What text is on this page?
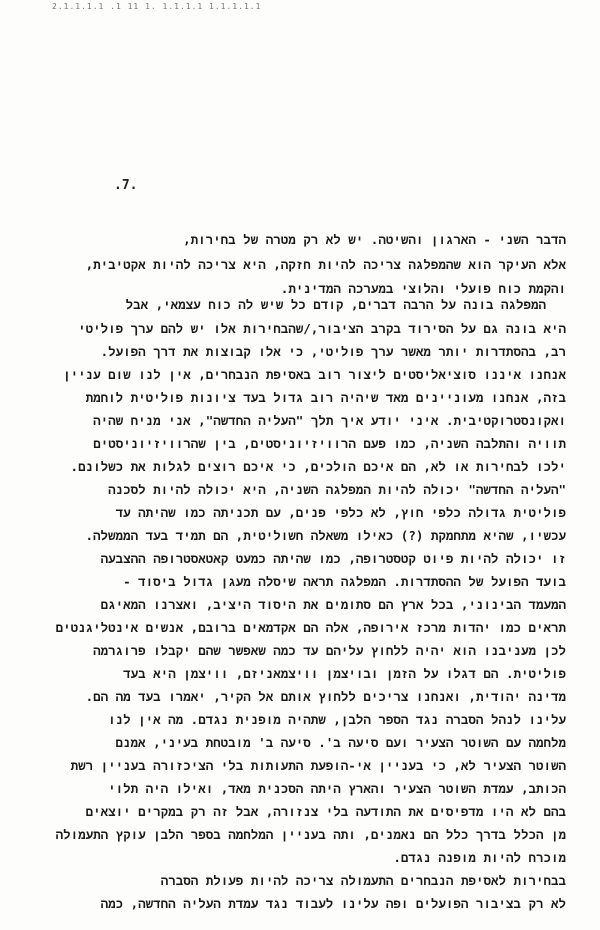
2.1.1.1.1 .1 11 1. 1.1.1.1 1.1.1.1.1
.7.
הדבר השני - הארגון והשיטה. יש לא רק מטרה של בחירות,
אלא העיקר הוא שהמפלגה צריכה להיות חזקה, היא צריכה להיות אקטיבית,
והקמת כוח פועלי והלוצי במערכה המדינית.
המפלגה בונה על הרבה דברים, קודם כל שיש לה כוח עצמאי, אבל
היא בונה גם על הסירוד בקרב הציבור,/שהבחירות אלו יש להם ערך פוליטי
רב, בהסתדרות יותר מאשר ערך פוליטי, כי אלו קבוצות את דרך הפועל.
אנחנו איננו סוציאליסטים ליצור רוב באסיפת הנבחרים, אין לנו שום עניין
בזה, אנחנו מעוניינים מאד שיהיה רוב גדול בעד ציונות פוליטית לוחמת
ואקונסטרוקטיבית. איני יודע איך תלך "העליה החדשה", אני מניח שהיה
תוויה והתלבה השניה, כמו פעם הרוויזיוניסטים, בין שהרוויזיוניסטים
ילכו לבחירות או לא, הם איכם הולכים, כי איכם רוצים לגלות את כשלונם.
"העליה החדשה" יכולה להיות המפלגה השניה, היא יכולה להיות לסכנה
פוליטית גדולה כלפי חוץ, לא כלפי פנים, עם תכניתה כמו שהיתה עד
עכשיו, שהיא מתחמקת (?) כאילו משאלה חשוליטית, הם תמיד בעד הממשלה.
זו יכולה להיות פיוט קטסטרופה, כמו שהיתה כמעט קאטאסטרופה ההצבעה
בועד הפועל של ההסתדרות. המפלגה תראה שיסלה מעגן גדול ביסוד -
המעמד הבינוני, בכל ארץ הם סתומים את היסוד היציב, ואצרנו המאיגם
תראים כמו יהדות מרכז אירופה, אלה הם אקדמאים ברובם, אנשים אינטליגנטים
לכן מעניבנו הוא יהיה ללחוץ עליהם עד כמה שאפשר שהם יקבלו פרוגרמה
פוליטית. הם דגלו על הזמן ובויצמן וויצמאניזם, וויצמן היא בעד
מדינה יהודית, ואנחנו צריכים ללחוץ אותם אל הקיר, יאמרו בעד מה הם.
עלינו לנהל הסברה נגד הספר הלבן, שתהיה מופנית נגדם. מה אין לנו
מלחמה עם השוטר הצעיר ועם סיעה ב'. סיעה ב' מובטחת בעיני, אמנם
השוטר הצעיר לא, כי בעניין אי-הופעת התעותות בלי הציכזורה בעניין רשת
הכותב, עמדת השוטר הצעיר והארץ היתה הסכנית מאד, ואילו היה תלוי
בהם לא היו מדפיסים את התודעה בלי צנזורה, אבל זה רק במקרים יוצאים
מן הכלל בדרך כלל הם נאמנים, ותה בעניין המלחמה בספר הלבן עוקץ התעמולה
מוכרח להיות מופנה נגדם.
בבחירות לאסיפת הנבחרים התעמולה צריכה להיות פעולת הסברה
לא רק בציבור הפועלים ופה עלינו לעבוד נגד עמדת העליה החדשה, כמה
